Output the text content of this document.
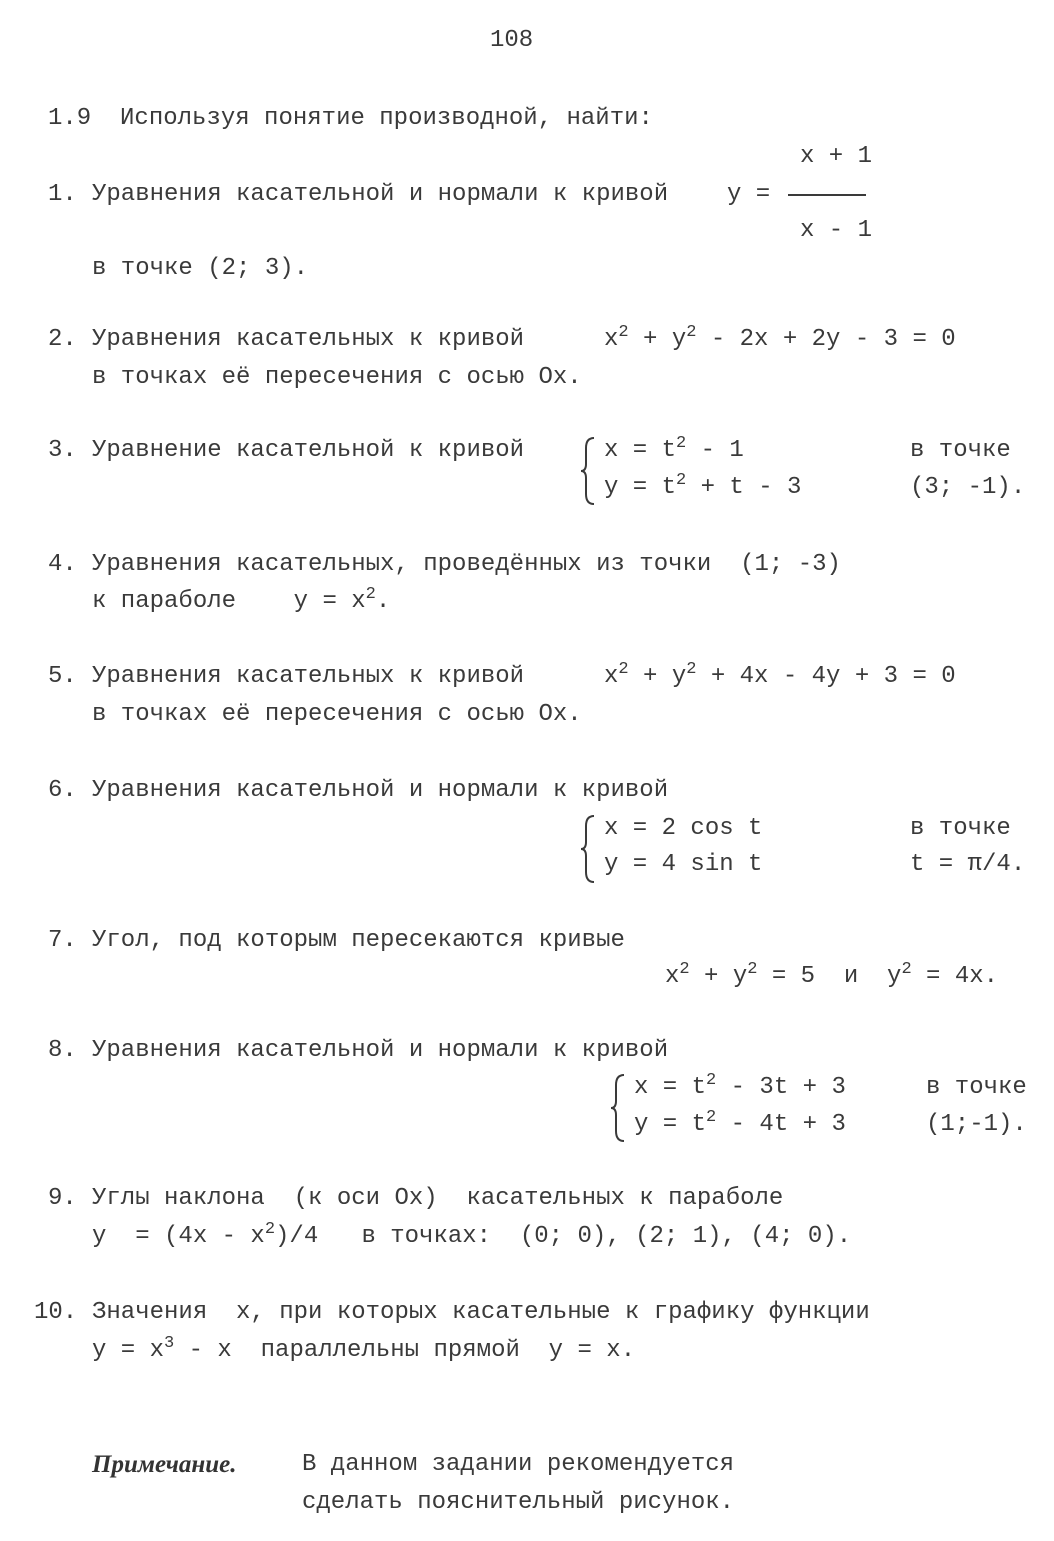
108
1.9 Используя понятие производной, найти:
1. Уравнения касательной и нормали к кривой y =
x + 1
x - 1
в точке (2; 3).
2. Уравнения касательных к кривой	$x^2 + y^2 - 2x + 2y - 3 = 0$
в точках её пересечения с осью Ox.
3. Уравнение касательной к кривой	$x = t^2 - 1$
$y = t^2 + t - 3$
в точке
(3; -1).
4. Уравнения касательных, проведённых из точки  (1; -3)
к параболе    $y = x^2$.
5. Уравнения касательных к кривой	$x^2 + y^2 + 4x - 4y + 3 = 0$
в точках её пересечения с осью Ox.
6. Уравнения касательной и нормали к кривой
x = 2 cos t
y = 4 sin t
в точке
t = π/4.
7. Угол, под которым пересекаются кривые
$x^2 + y^2 = 5$  и  $y^2 = 4x$.
8. Уравнения касательной и нормали к кривой
$x = t^2 - 3t + 3$
$y = t^2 - 4t + 3$
в точке
(1;-1).
9. Углы наклона  (к оси Ox)  касательных к параболе
$y = (4x - x^2)/4$   в точках:  (0; 0), (2; 1), (4; 0).
10. Значения  x, при которых касательные к графику функции
$y = x^3 - x$  параллельны прямой  y = x.
Примечание.	В данном задании рекомендуется
сделать пояснительный рисунок.
